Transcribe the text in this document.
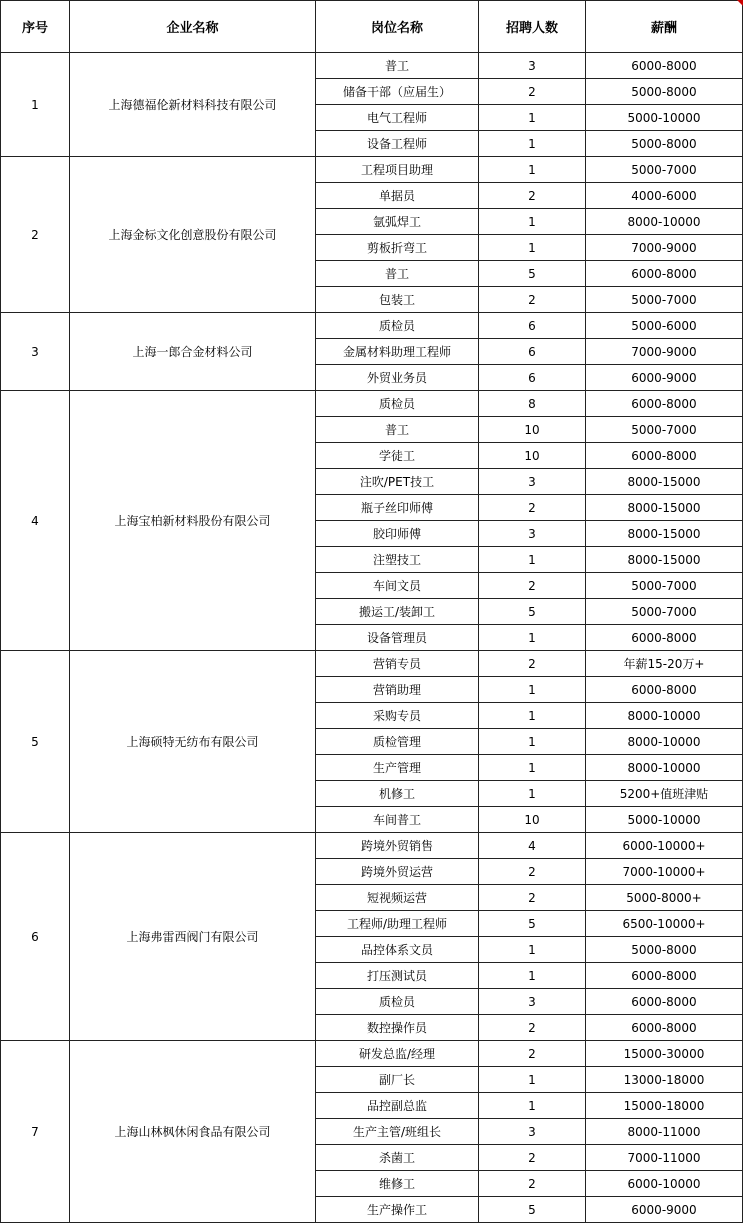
序号	企业名称	岗位名称	招聘人数	薪酬
1	上海德福伦新材料科技有限公司	普工	3	6000-8000
		储备干部（应届生）	2	5000-8000
		电气工程师	1	5000-10000
		设备工程师	1	5000-8000
2	上海金标文化创意股份有限公司	工程项目助理	1	5000-7000
		单据员	2	4000-6000
		氩弧焊工	1	8000-10000
		剪板折弯工	1	7000-9000
		普工	5	6000-8000
		包装工	2	5000-7000
3	上海一郎合金材料公司	质检员	6	5000-6000
		金属材料助理工程师	6	7000-9000
		外贸业务员	6	6000-9000
4	上海宝柏新材料股份有限公司	质检员	8	6000-8000
		普工	10	5000-7000
		学徒工	10	6000-8000
		注吹/PET技工	3	8000-15000
		瓶子丝印师傅	2	8000-15000
		胶印师傅	3	8000-15000
		注塑技工	1	8000-15000
		车间文员	2	5000-7000
		搬运工/装卸工	5	5000-7000
		设备管理员	1	6000-8000
5	上海硕特无纺布有限公司	营销专员	2	年薪15-20万+
		营销助理	1	6000-8000
		采购专员	1	8000-10000
		质检管理	1	8000-10000
		生产管理	1	8000-10000
		机修工	1	5200+值班津贴
		车间普工	10	5000-10000
6	上海弗雷西阀门有限公司	跨境外贸销售	4	6000-10000+
		跨境外贸运营	2	7000-10000+
		短视频运营	2	5000-8000+
		工程师/助理工程师	5	6500-10000+
		品控体系文员	1	5000-8000
		打压测试员	1	6000-8000
		质检员	3	6000-8000
		数控操作员	2	6000-8000
7	上海山林枫休闲食品有限公司	研发总监/经理	2	15000-30000
		副厂长	1	13000-18000
		品控副总监	1	15000-18000
		生产主管/班组长	3	8000-11000
		杀菌工	2	7000-11000
		维修工	2	6000-10000
		生产操作工	5	6000-9000
